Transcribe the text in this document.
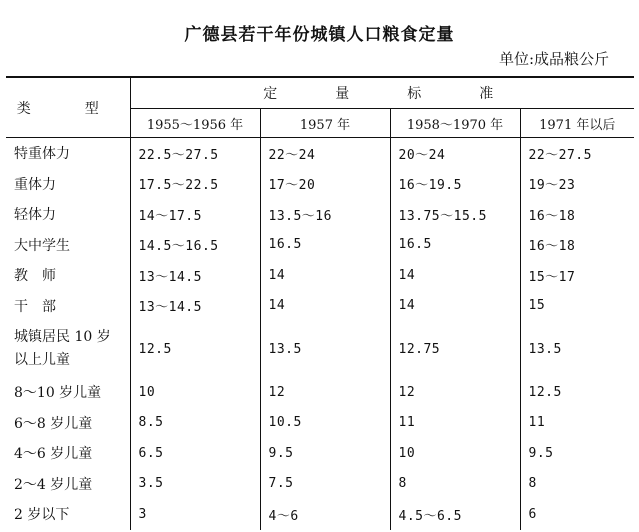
广德县若干年份城镇人口粮食定量
单位:成品粮公斤
类　型	定量标准			
	1955～1956 年	1957 年	1958～1970 年	1971 年以后
特重体力	22.5～27.5	22～24	20～24	22～27.5
重体力	17.5～22.5	17～20	16～19.5	19～23
轻体力	14～17.5	13.5～16	13.75～15.5	16～18
大中学生	14.5～16.5	16.5	16.5	16～18
教　师	13～14.5	14	14	15～17
干　部	13～14.5	14	14	15
城镇居民 10 岁以上儿童	12.5	13.5	12.75	13.5
8～10 岁儿童	10	12	12	12.5
6～8 岁儿童	8.5	10.5	11	11
4～6 岁儿童	6.5	9.5	10	9.5
2～4 岁儿童	3.5	7.5	8	8
2 岁以下	3	4～6	4.5～6.5	6
